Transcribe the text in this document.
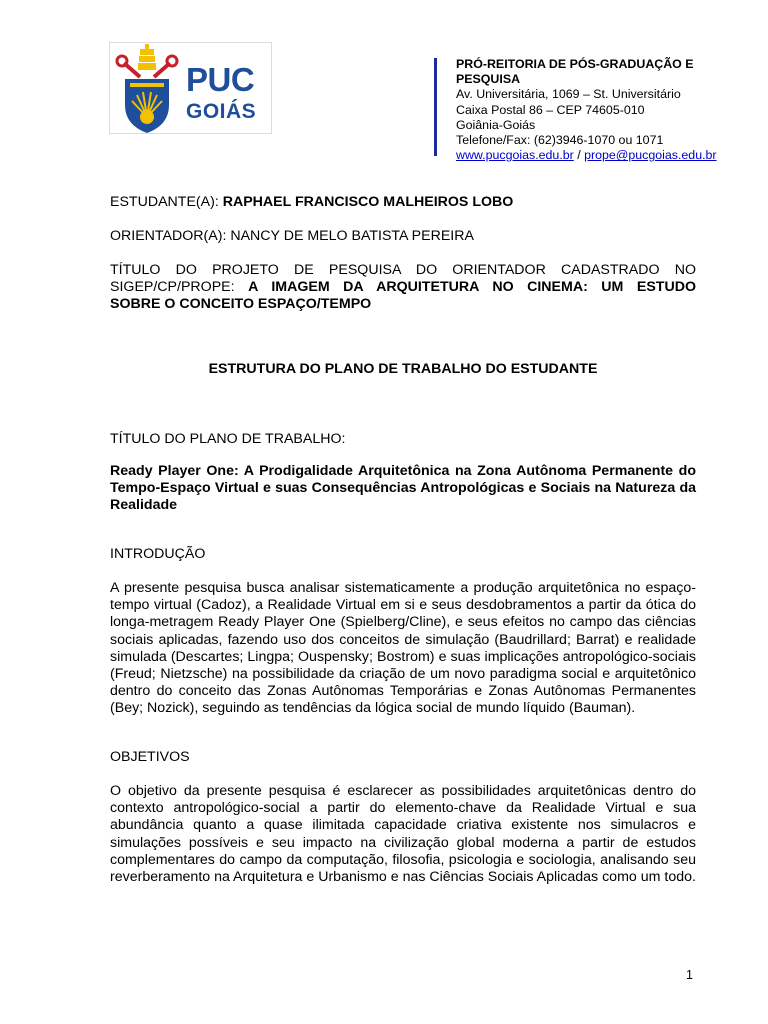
PUC
GOIÁS
PRÓ-REITORIA DE PÓS-GRADUAÇÃO E
PESQUISA
Av. Universitária, 1069 – St. Universitário
Caixa Postal 86 – CEP 74605-010
Goiânia-Goiás
Telefone/Fax: (62)3946-1070 ou 1071
www.pucgoias.edu.br / prope@pucgoias.edu.br
ESTUDANTE(A): RAPHAEL FRANCISCO MALHEIROS LOBO
ORIENTADOR(A): NANCY DE MELO BATISTA PEREIRA
TÍTULO DO PROJETO DE PESQUISA DO ORIENTADOR CADASTRADO NO
SIGEP/CP/PROPE: A IMAGEM DA ARQUITETURA NO CINEMA: UM ESTUDO
SOBRE O CONCEITO ESPAÇO/TEMPO
ESTRUTURA DO PLANO DE TRABALHO DO ESTUDANTE
TÍTULO DO PLANO DE TRABALHO:
Ready Player One: A Prodigalidade Arquitetônica na Zona Autônoma Permanente do Tempo-Espaço Virtual e suas Consequências Antropológicas e Sociais na Natureza da Realidade
INTRODUÇÃO
A presente pesquisa busca analisar sistematicamente a produção arquitetônica no espaço-tempo virtual (Cadoz), a Realidade Virtual em si e seus desdobramentos a partir da ótica do longa-metragem Ready Player One (Spielberg/Cline), e seus efeitos no campo das ciências sociais aplicadas, fazendo uso dos conceitos de simulação (Baudrillard; Barrat) e realidade simulada (Descartes; Lingpa; Ouspensky; Bostrom) e suas implicações antropológico-sociais (Freud; Nietzsche) na possibilidade da criação de um novo paradigma social e arquitetônico dentro do conceito das Zonas Autônomas Temporárias e Zonas Autônomas Permanentes (Bey; Nozick), seguindo as tendências da lógica social de mundo líquido (Bauman).
OBJETIVOS
O objetivo da presente pesquisa é esclarecer as possibilidades arquitetônicas dentro do contexto antropológico-social a partir do elemento-chave da Realidade Virtual e sua abundância quanto a quase ilimitada capacidade criativa existente nos simulacros e simulações possíveis e seu impacto na civilização global moderna a partir de estudos complementares do campo da computação, filosofia, psicologia e sociologia, analisando seu reverberamento na Arquitetura e Urbanismo e nas Ciências Sociais Aplicadas como um todo.
1
